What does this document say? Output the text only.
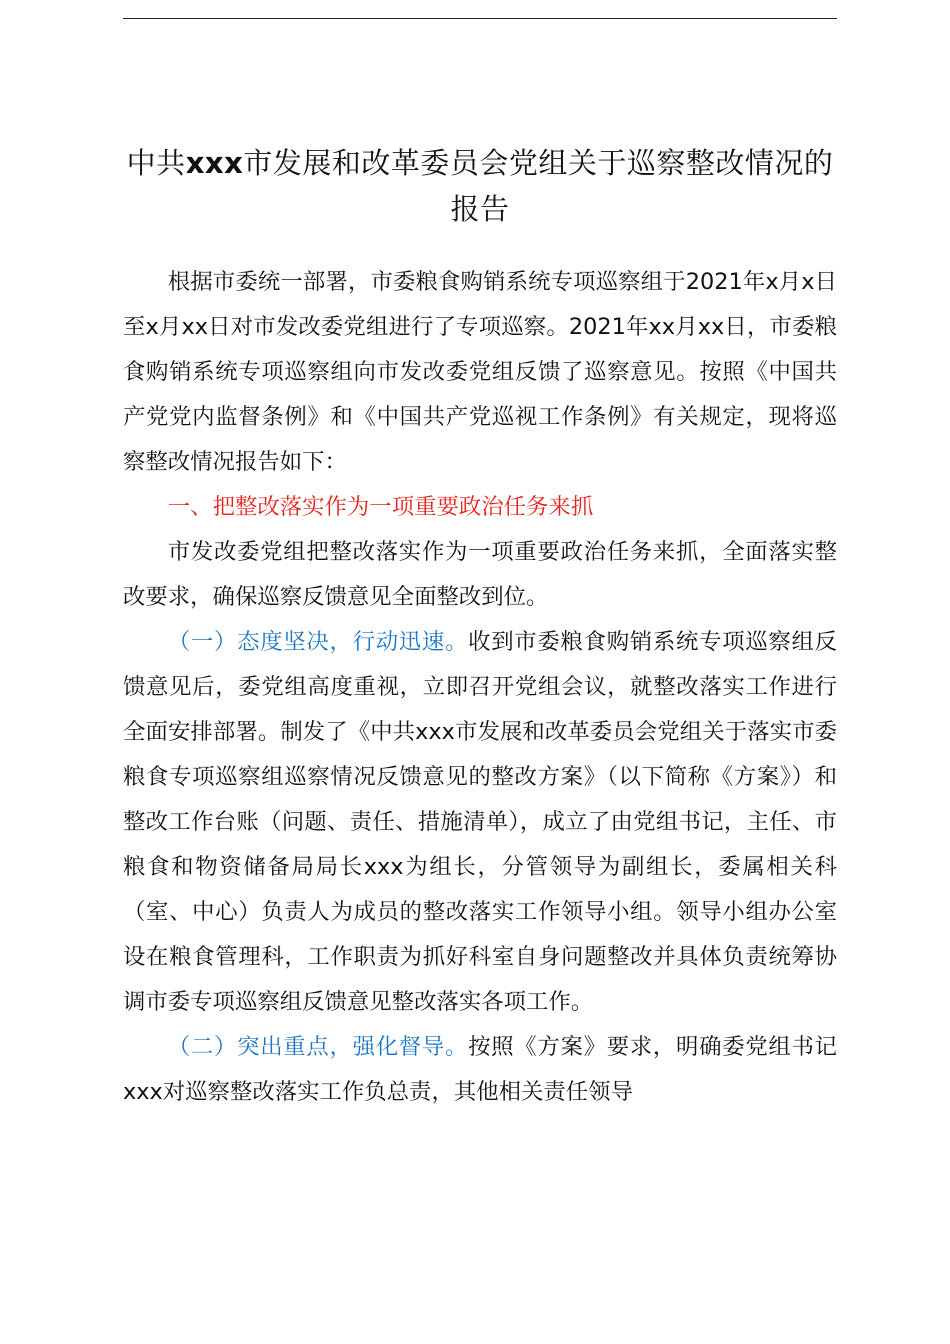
中共xxx市发展和改革委员会党组关于巡察整改情况的报告

根据市委统一部署，市委粮食购销系统专项巡察组于2021年x月x日至x月xx日对市发改委党组进行了专项巡察。2021年xx月xx日，市委粮食购销系统专项巡察组向市发改委党组反馈了巡察意见。按照《中国共产党党内监督条例》和《中国共产党巡视工作条例》有关规定，现将巡察整改情况报告如下：

一、把整改落实作为一项重要政治任务来抓

市发改委党组把整改落实作为一项重要政治任务来抓，全面落实整改要求，确保巡察反馈意见全面整改到位。

（一）态度坚决，行动迅速。收到市委粮食购销系统专项巡察组反馈意见后，委党组高度重视，立即召开党组会议，就整改落实工作进行全面安排部署。制发了《中共xxx市发展和改革委员会党组关于落实市委粮食专项巡察组巡察情况反馈意见的整改方案》（以下简称《方案》）和整改工作台账（问题、责任、措施清单），成立了由党组书记，主任、市粮食和物资储备局局长xxx为组长，分管领导为副组长，委属相关科（室、中心）负责人为成员的整改落实工作领导小组。领导小组办公室设在粮食管理科，工作职责为抓好科室自身问题整改并具体负责统筹协调市委专项巡察组反馈意见整改落实各项工作。

（二）突出重点，强化督导。按照《方案》要求，明确委党组书记xxx对巡察整改落实工作负总责，其他相关责任领导
